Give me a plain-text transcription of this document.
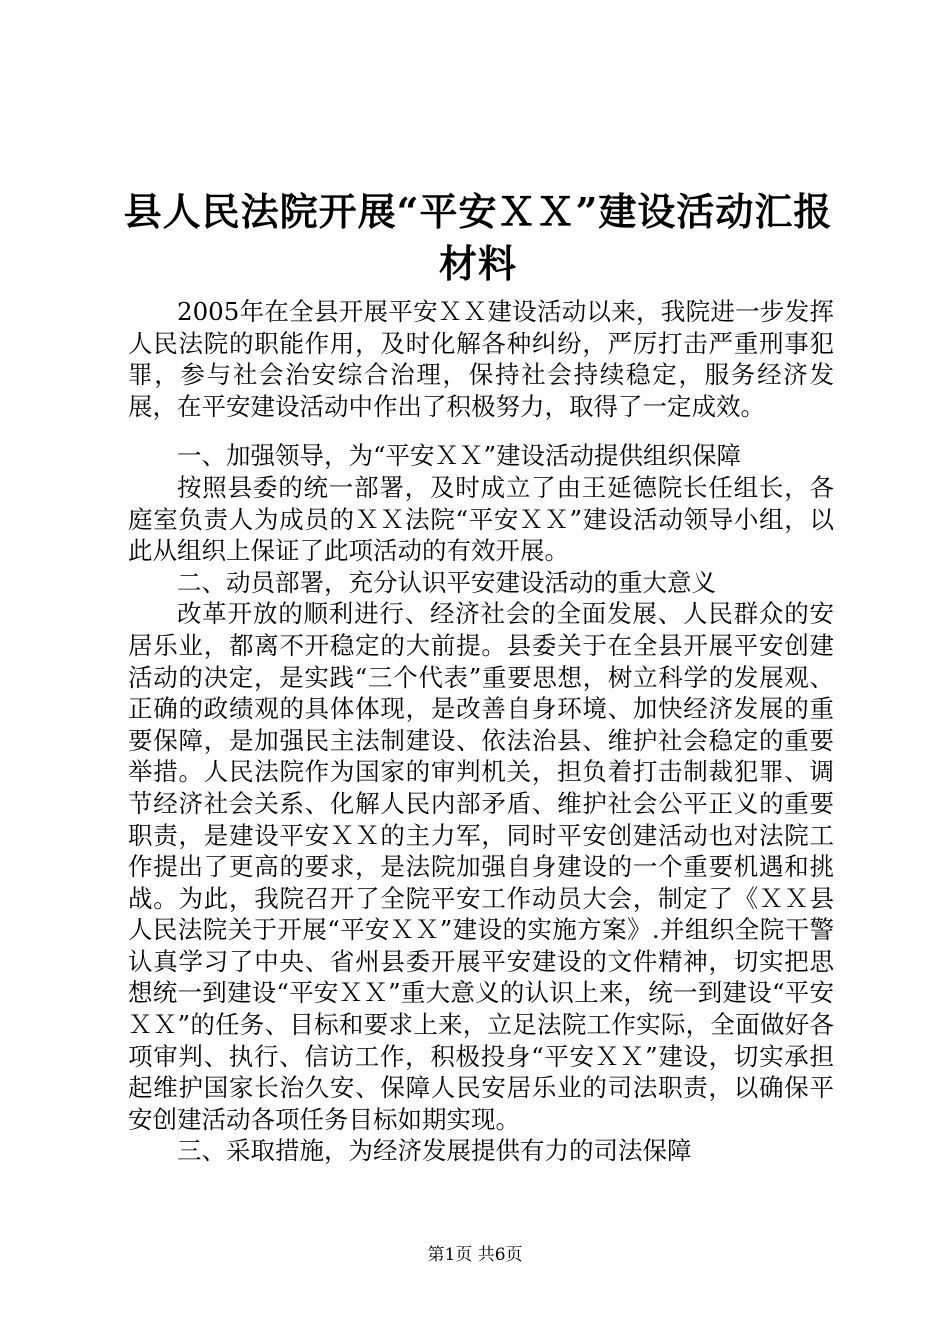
县人民法院开展“平安ＸＸ”建设活动汇报材料

2005年在全县开展平安ＸＸ建设活动以来，我院进一步发挥人民法院的职能作用，及时化解各种纠纷，严厉打击严重刑事犯罪，参与社会治安综合治理，保持社会持续稳定，服务经济发展，在平安建设活动中作出了积极努力，取得了一定成效。

一、加强领导，为“平安ＸＸ”建设活动提供组织保障

按照县委的统一部署，及时成立了由王延德院长任组长，各庭室负责人为成员的ＸＸ法院“平安ＸＸ”建设活动领导小组，以此从组织上保证了此项活动的有效开展。

二、动员部署，充分认识平安建设活动的重大意义

改革开放的顺利进行、经济社会的全面发展、人民群众的安居乐业，都离不开稳定的大前提。县委关于在全县开展平安创建活动的决定，是实践“三个代表”重要思想，树立科学的发展观、正确的政绩观的具体体现，是改善自身环境、加快经济发展的重要保障，是加强民主法制建设、依法治县、维护社会稳定的重要举措。人民法院作为国家的审判机关，担负着打击制裁犯罪、调节经济社会关系、化解人民内部矛盾、维护社会公平正义的重要职责，是建设平安ＸＸ的主力军，同时平安创建活动也对法院工作提出了更高的要求，是法院加强自身建设的一个重要机遇和挑战。为此，我院召开了全院平安工作动员大会，制定了《ＸＸ县人民法院关于开展“平安ＸＸ”建设的实施方案》.并组织全院干警认真学习了中央、省州县委开展平安建设的文件精神，切实把思想统一到建设“平安ＸＸ”重大意义的认识上来，统一到建设“平安ＸＸ”的任务、目标和要求上来，立足法院工作实际，全面做好各项审判、执行、信访工作，积极投身“平安ＸＸ”建设，切实承担起维护国家长治久安、保障人民安居乐业的司法职责，以确保平安创建活动各项任务目标如期实现。

三、采取措施，为经济发展提供有力的司法保障

第1页 共6页
